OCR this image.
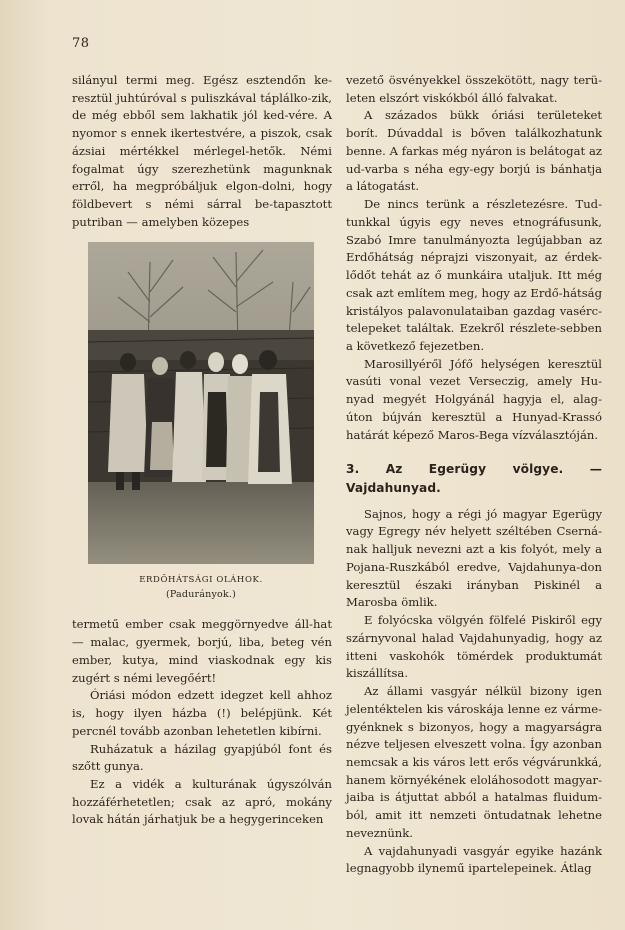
78

silányul termi meg. Egész esztendőn ke-resztül juhtúróval s puliszkával táplálko-zik, de még ebből sem lakhatik jól ked-vére. A nyomor s ennek ikertestvére, a piszok, csak ázsiai mértékkel mérlegel-hetők. Némi fogalmat úgy szerezhetünk magunknak erről, ha megpróbáljuk elgon-dolni, hogy földbevert s némi sárral be-tapasztott putriban — amelyben közepes

ERDŐHÁTSÁGI OLÁHOK.
(Padurányok.)

termetű ember csak meggörnyedve áll-hat — malac, gyermek, borjú, liba, beteg vén ember, kutya, mind viaskodnak egy kis zugért s némi levegőért!

Óriási módon edzett idegzet kell ahhoz is, hogy ilyen házba (!) belépjünk. Két percnél tovább azonban lehetetlen kibírni.

Ruházatuk a házilag gyapjúból font és szőtt gunya.

Ez a vidék a kulturának úgyszólván hozzáférhetetlen; csak az apró, mokány lovak hátán járhatjuk be a hegygerinceken

vezető ösvényekkel összekötött, nagy terü-leten elszórt viskókból álló falvakat.

A százados bükk óriási területeket borít. Dúvaddal is bőven találkozhatunk benne. A farkas még nyáron is belátogat az ud-varba s néha egy-egy borjú is bánhatja a látogatást.

De nincs terünk a részletezésre. Tud-tunkkal úgyis egy neves etnográfusunk, Szabó Imre tanulmányozta legújabban az Erdőhátság néprajzi viszonyait, az érdek-lődőt tehát az ő munkáira utaljuk. Itt még csak azt említem meg, hogy az Erdő-hátság kristályos palavonulataiban gazdag vasérc-telepeket találtak. Ezekről részlete-sebben a következő fejezetben.

Marosillyéről Jófő helységen keresztül vasúti vonal vezet Verseczig, amely Hu-nyad megyét Holgyánál hagyja el, alag-úton bújván keresztül a Hunyad-Krassó határát képező Maros-Bega vízválasztóján.

3. Az Egerügy völgye. — Vajdahunyad.

Sajnos, hogy a régi jó magyar Egerügy vagy Egregy név helyett széltében Cserná-nak halljuk nevezni azt a kis folyót, mely a Pojana-Ruszkából eredve, Vajdahunya-don keresztül északi irányban Piskinél a Marosba ömlik.

E folyócska völgyén fölfelé Piskiről egy szárnyvonal halad Vajdahunyadig, hogy az itteni vaskohók tömérdek produktumát kiszállítsa.

Az állami vasgyár nélkül bizony igen jelentéktelen kis városkája lenne ez várme-gyénknek s bizonyos, hogy a magyarságra nézve teljesen elveszett volna. Így azonban nemcsak a kis város lett erős végvárunkká, hanem környékének eloláhosodott magyar-jaiba is átjuttat abból a hatalmas fluidum-ból, amit itt nemzeti öntudatnak lehetne neveznünk.

A vajdahunyadi vasgyár egyike hazánk legnagyobb ilynemű ipartelepeinek. Átlag
